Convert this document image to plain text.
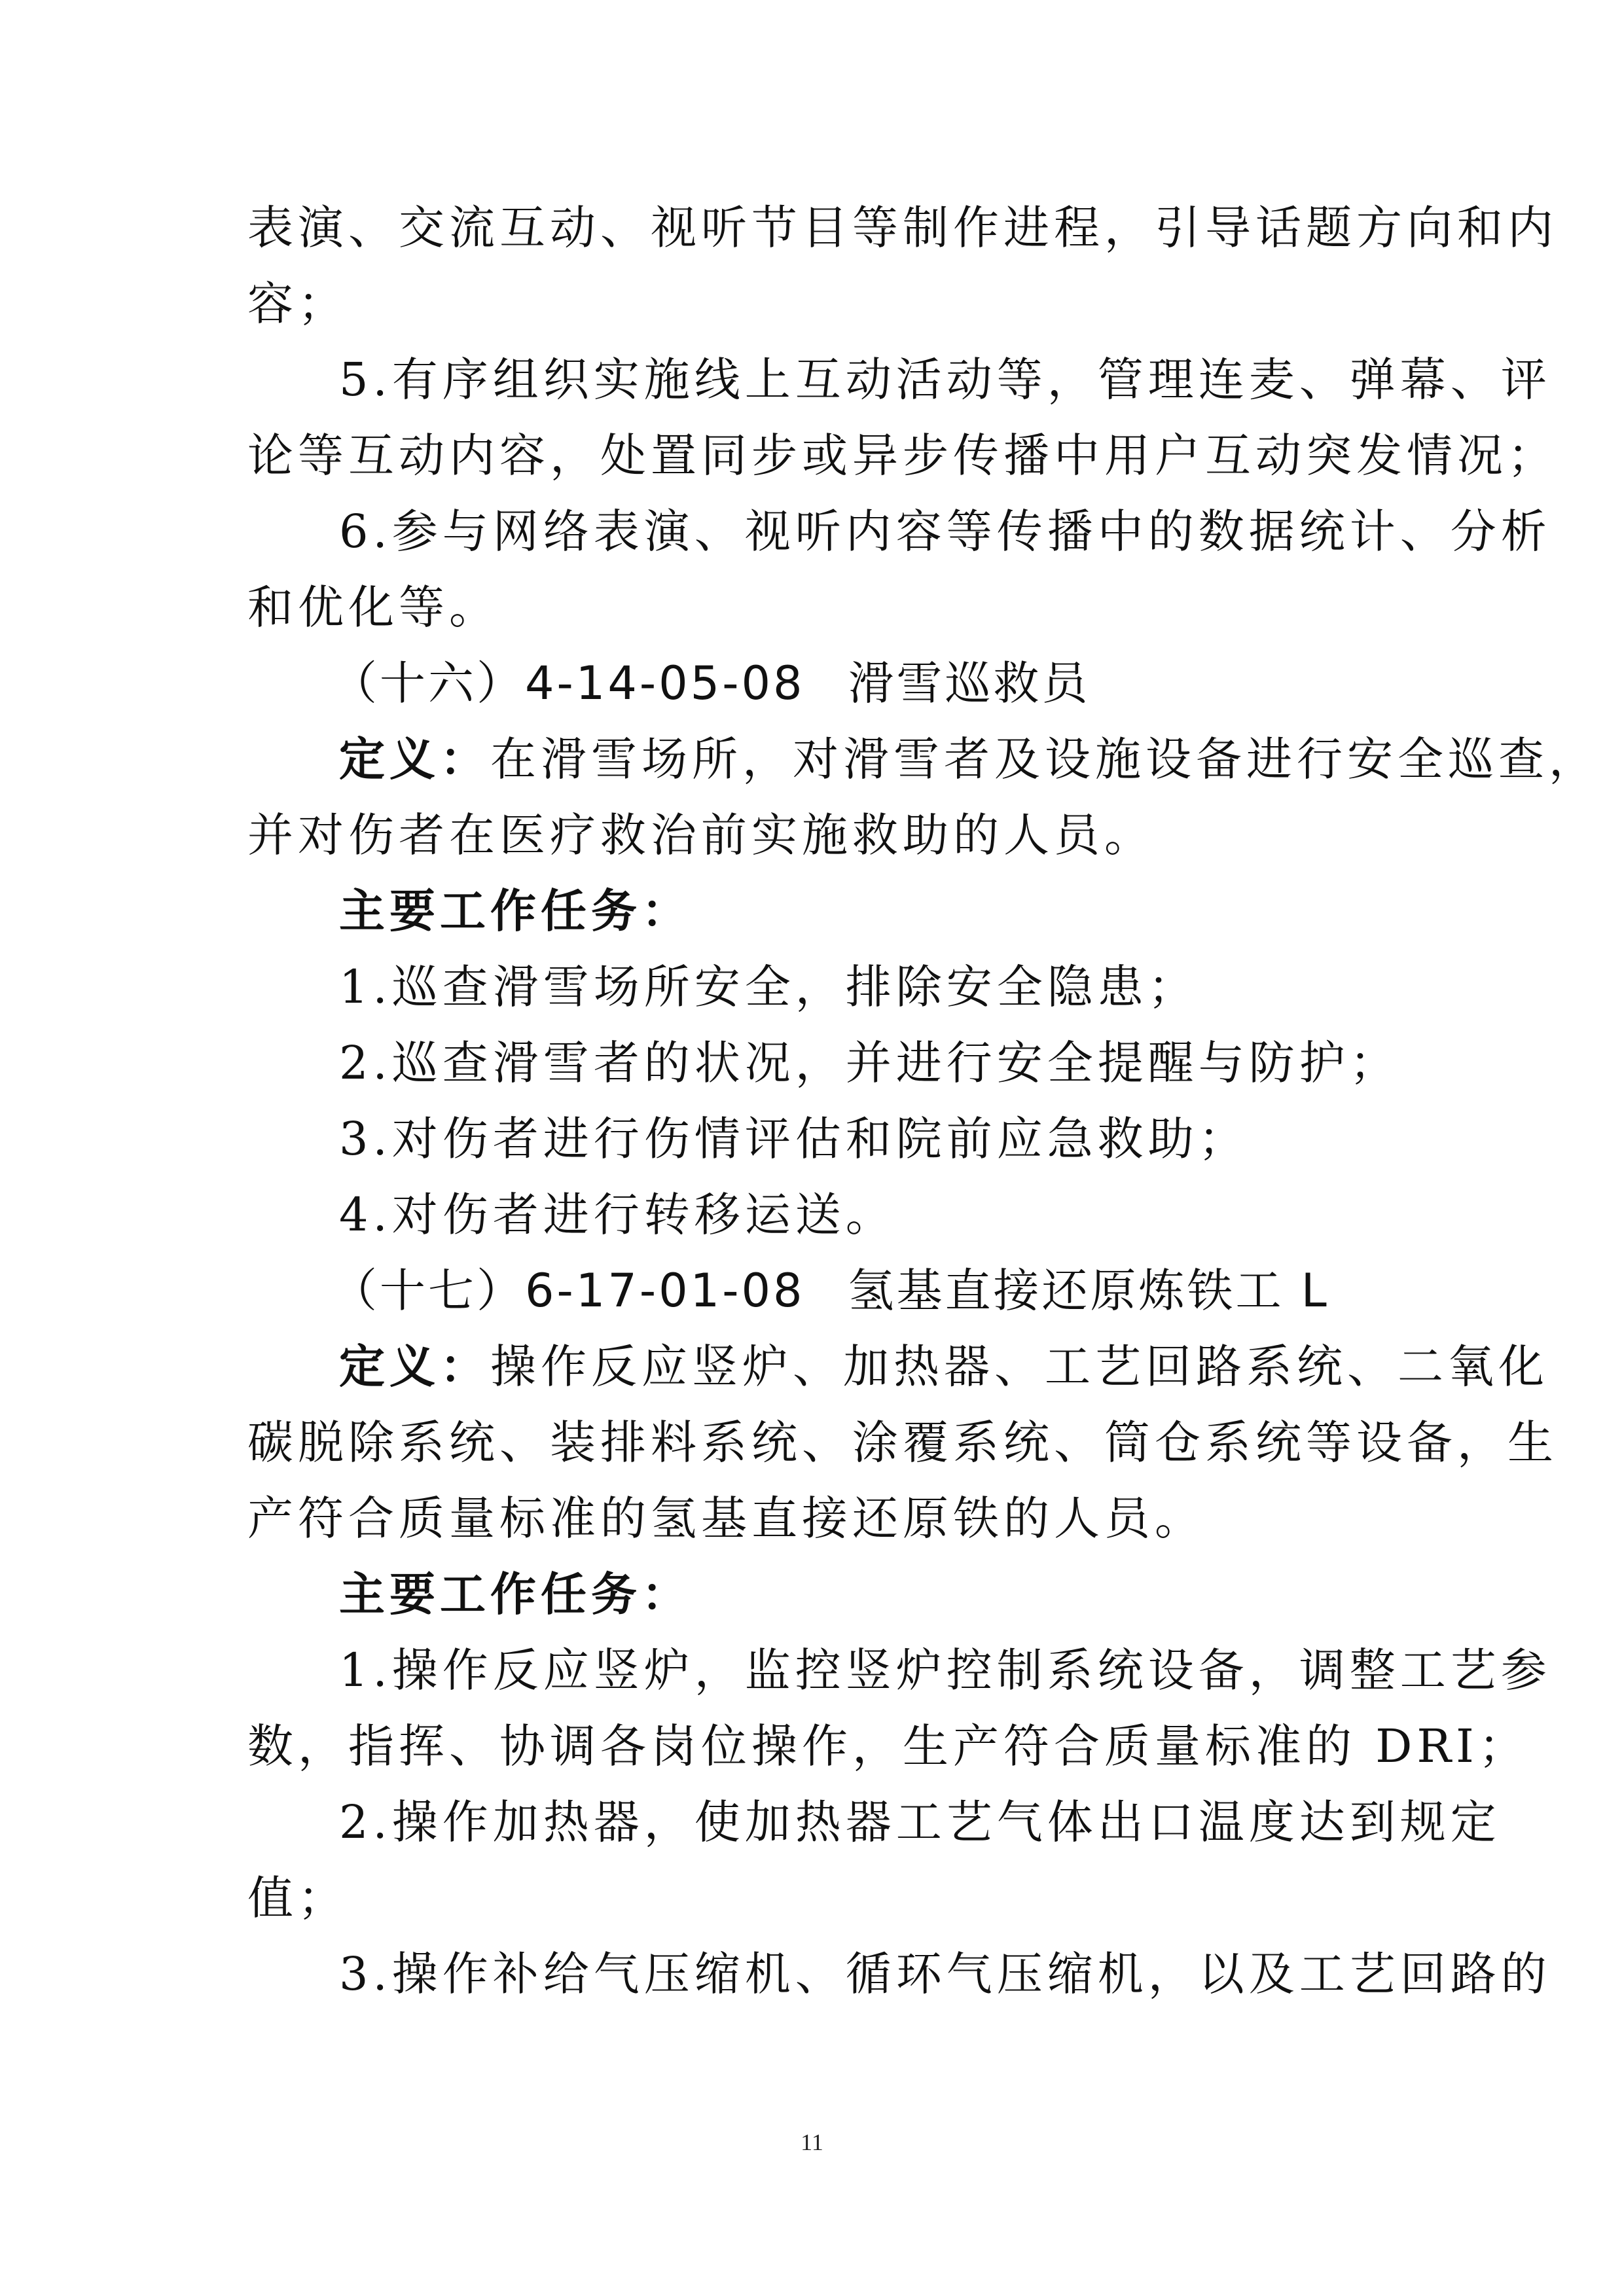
表演、交流互动、视听节目等制作进程，引导话题方向和内

容；

5.有序组织实施线上互动活动等，管理连麦、弹幕、评

论等互动内容，处置同步或异步传播中用户互动突发情况；

6.参与网络表演、视听内容等传播中的数据统计、分析

和优化等。

（十六）4-14-05-08 滑雪巡救员

定义：在滑雪场所，对滑雪者及设施设备进行安全巡查，

并对伤者在医疗救治前实施救助的人员。

主要工作任务：

1.巡查滑雪场所安全，排除安全隐患；

2.巡查滑雪者的状况，并进行安全提醒与防护；

3.对伤者进行伤情评估和院前应急救助；

4.对伤者进行转移运送。

（十七）6-17-01-08 氢基直接还原炼铁工 L

定义：操作反应竖炉、加热器、工艺回路系统、二氧化

碳脱除系统、装排料系统、涂覆系统、筒仓系统等设备，生

产符合质量标准的氢基直接还原铁的人员。

主要工作任务：

1.操作反应竖炉，监控竖炉控制系统设备，调整工艺参

数，指挥、协调各岗位操作，生产符合质量标准的 DRI；

2.操作加热器，使加热器工艺气体出口温度达到规定

值；

3.操作补给气压缩机、循环气压缩机，以及工艺回路的

11
